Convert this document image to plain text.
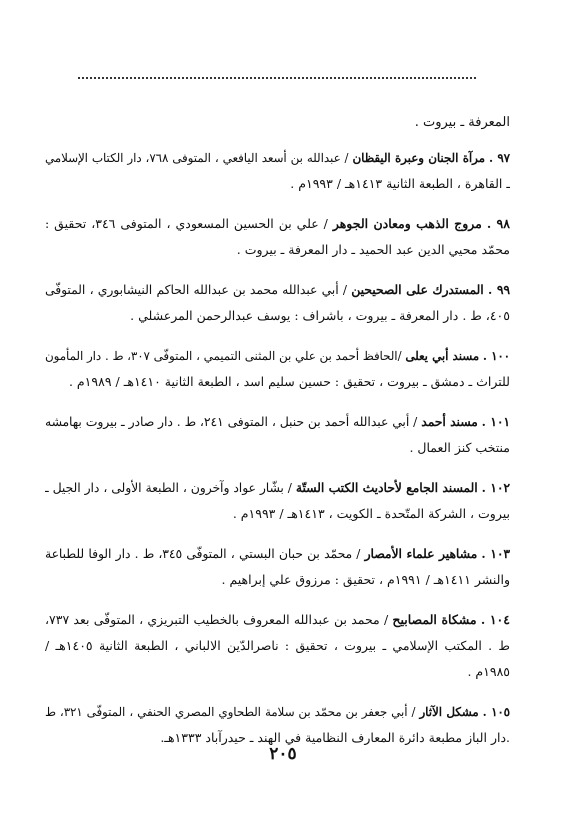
المعرفة ـ بيروت .
٩٧ . مرآة الجنان وعبرة اليقظان / عبدالله بن أسعد اليافعي ، المتوفى ٧٦٨، دار الكتاب الإسلامي
ـ القاهرة ، الطبعة الثانية ١٤١٣هـ / ١٩٩٣م .
٩٨ . مروج الذهب ومعادن الجوهر / علي بن الحسين المسعودي ، المتوفى ٣٤٦، تحقيق :
محمّد محيي الدين عبد الحميد ـ دار المعرفة ـ بيروت .
٩٩ . المستدرك على الصحيحين / أبي عبدالله محمد بن عبدالله الحاكم النيشابوري ، المتوفّى
٤٠٥، ط . دار المعرفة ـ بيروت ، باشراف : يوسف عبدالرحمن المرعشلي .
١٠٠ . مسند أبي يعلى /الحافظ أحمد بن علي بن المثنى التميمي ، المتوفّى ٣٠٧، ط . دار المأمون
للتراث ـ دمشق ـ بيروت ، تحقيق : حسين سليم اسد ، الطبعة الثانية ١٤١٠هـ / ١٩٨٩م .
١٠١ . مسند أحمد / أبي عبدالله أحمد بن حنبل ، المتوفى ٢٤١، ط . دار صادر ـ بيروت بهامشه
منتخب كنز العمال .
١٠٢ . المسند الجامع لأحاديث الكتب الستّة / بشّار عواد وآخرون ، الطبعة الأولى ، دار الجيل ـ
بيروت ، الشركة المتّحدة ـ الكويت ، ١٤١٣هـ / ١٩٩٣م .
١٠٣ . مشاهير علماء الأمصار / محمّد بن حبان البستي ، المتوفّى ٣٤٥، ط . دار الوفا للطباعة
والنشر ١٤١١هـ / ١٩٩١م ، تحقيق : مرزوق علي إبراهيم .
١٠٤ . مشكاة المصابيح / محمد بن عبدالله المعروف بالخطيب التبريزي ، المتوفّى بعد ٧٣٧،
ط . المكتب الإسلامي ـ بيروت ، تحقيق : ناصرالدّين الالباني ، الطبعة الثانية ١٤٠٥هـ /
١٩٨٥م .
١٠٥ . مشكل الآثار / أبي جعفر بن محمّد بن سلامة الطحاوي المصري الحنفي ، المتوفّى ٣٢١، ط
.دار الباز مطبعة دائرة المعارف النظامية في الهند ـ حيدرآباد ١٣٣٣هـ.
٢٠٥
